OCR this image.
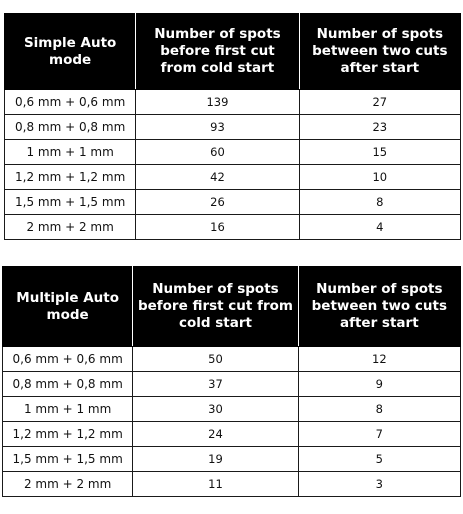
Simple Auto mode	Number of spots before first cut from cold start	Number of spots between two cuts after start
0,6 mm + 0,6 mm	139	27
0,8 mm + 0,8 mm	93	23
1 mm + 1 mm	60	15
1,2 mm + 1,2 mm	42	10
1,5 mm + 1,5 mm	26	8
2 mm + 2 mm	16	4
Multiple Auto mode	Number of spots before first cut from cold start	Number of spots between two cuts after start
0,6 mm + 0,6 mm	50	12
0,8 mm + 0,8 mm	37	9
1 mm + 1 mm	30	8
1,2 mm + 1,2 mm	24	7
1,5 mm + 1,5 mm	19	5
2 mm + 2 mm	11	3
